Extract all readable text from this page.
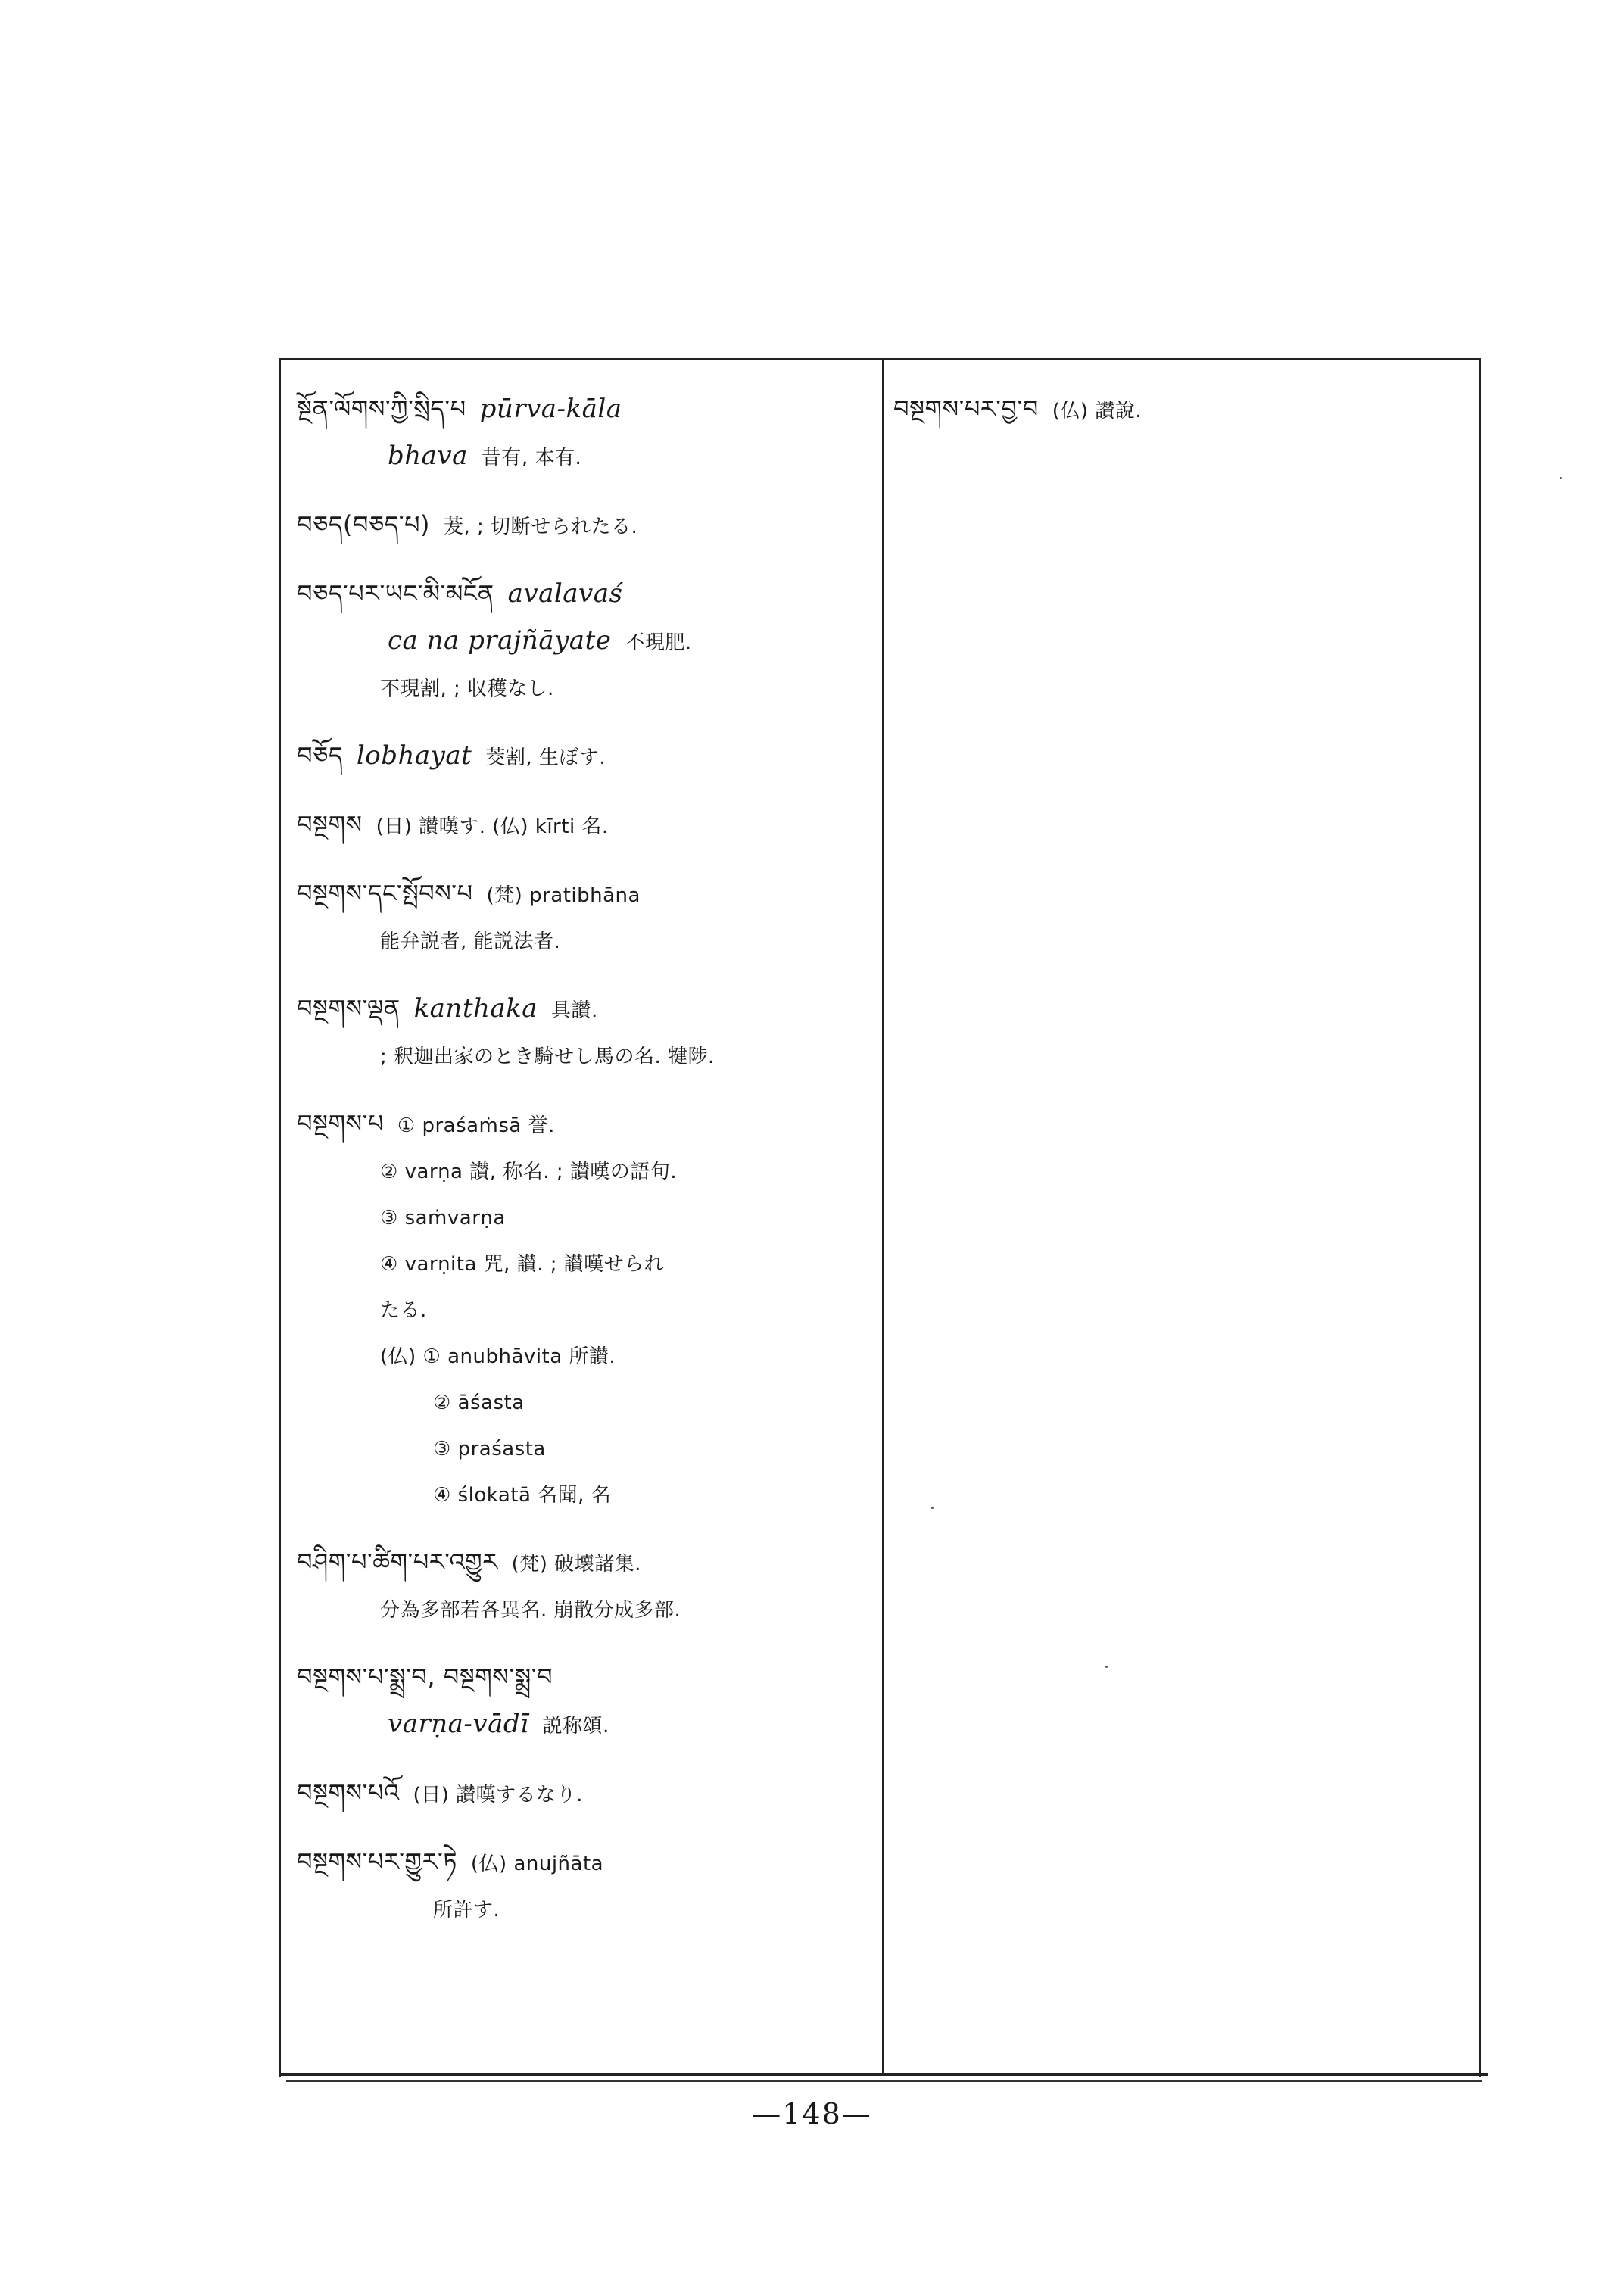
སྔོན་ལོགས་ཀྱི་སྲིད་པ pūrva-kāla
bhava 昔有, 本有.
བཅད(བཅད་པ) 茇, ; 切断せられたる.
བཅད་པར་ཡང་མི་མངོན avalavaś
ca na prajñāyate 不現肥.
不現割, ; 収穫なし.
བཅོད lobhayat 茭割, 生ぼす.
བསྔགས (日) 讃嘆す. (仏) kīrti 名.
བསྔགས་དང་སྤོབས་པ (梵) pratibhāna
能弁説者, 能説法者.
བསྔགས་ལྡན kanthaka 具讃.
; 釈迦出家のとき騎せし馬の名. 犍陟.
བསྔགས་པ ① praśaṁsā 誉.
② varṇa 讃, 称名. ; 讃嘆の語句.
③ saṁvarṇa
④ varṇita 咒, 讃. ; 讃嘆せられ
たる.
(仏) ① anubhāvita 所讃.
② āśasta
③ praśasta
④ ślokatā 名聞, 名
བཤིག་པ་ཚིག་པར་འགྱུར (梵) 破壊諸集.
分為多部若各異名. 崩散分成多部.
བསྔགས་པ་སྨྲ་བ, བསྔགས་སྨྲ་བ
varṇa-vādī 説称頌.
བསྔགས་པའོ (日) 讃嘆するなり.
བསྔགས་པར་གྱུར་ཏེ (仏) anujñāta
所許す.
བསྔགས་པར་བྱ་བ (仏) 讃說.
—148—
